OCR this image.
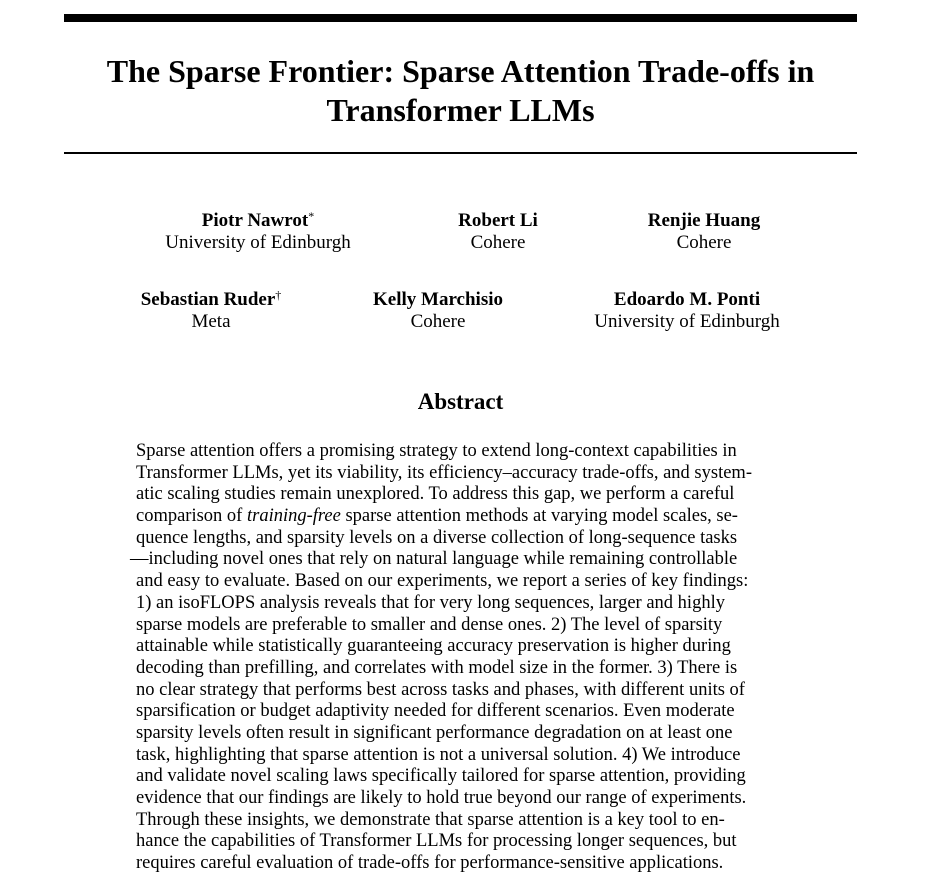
The Sparse Frontier: Sparse Attention Trade-offs in Transformer LLMs
Piotr Nawrot*
University of Edinburgh
Robert Li
Cohere
Renjie Huang
Cohere
Sebastian Ruder†
Meta
Kelly Marchisio
Cohere
Edoardo M. Ponti
University of Edinburgh
Abstract
Sparse attention offers a promising strategy to extend long-context capabilities in
Transformer LLMs, yet its viability, its efficiency–accuracy trade-offs, and system-
atic scaling studies remain unexplored. To address this gap, we perform a careful
comparison of training-free sparse attention methods at varying model scales, se-
quence lengths, and sparsity levels on a diverse collection of long-sequence tasks
—including novel ones that rely on natural language while remaining controllable
and easy to evaluate. Based on our experiments, we report a series of key findings:
1) an isoFLOPS analysis reveals that for very long sequences, larger and highly
sparse models are preferable to smaller and dense ones. 2) The level of sparsity
attainable while statistically guaranteeing accuracy preservation is higher during
decoding than prefilling, and correlates with model size in the former. 3) There is
no clear strategy that performs best across tasks and phases, with different units of
sparsification or budget adaptivity needed for different scenarios. Even moderate
sparsity levels often result in significant performance degradation on at least one
task, highlighting that sparse attention is not a universal solution. 4) We introduce
and validate novel scaling laws specifically tailored for sparse attention, providing
evidence that our findings are likely to hold true beyond our range of experiments.
Through these insights, we demonstrate that sparse attention is a key tool to en-
hance the capabilities of Transformer LLMs for processing longer sequences, but
requires careful evaluation of trade-offs for performance-sensitive applications.
